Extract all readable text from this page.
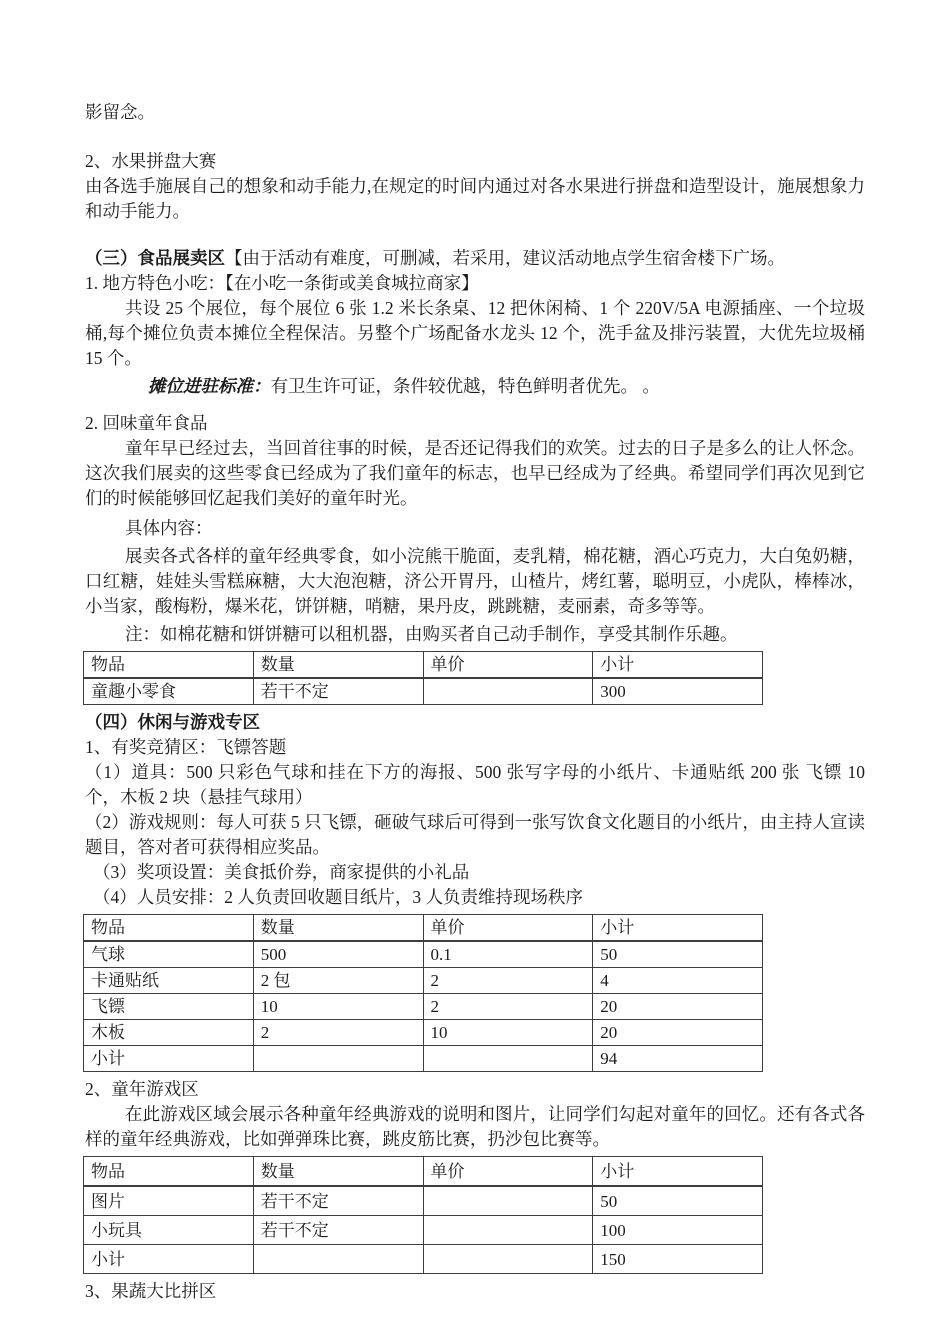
影留念。

2、水果拼盘大赛

由各选手施展自己的想象和动手能力,在规定的时间内通过对各水果进行拼盘和造型设计，施展想象力和动手能力。

（三）食品展卖区【由于活动有难度，可删减，若采用，建议活动地点学生宿舍楼下广场。

1. 地方特色小吃：【在小吃一条街或美食城拉商家】

共设 25 个展位，每个展位 6 张 1.2 米长条桌、12 把休闲椅、1 个 220V/5A 电源插座、一个垃圾桶,每个摊位负责本摊位全程保洁。另整个广场配备水龙头 12 个，洗手盆及排污装置，大优先垃圾桶 15 个。

摊位进驻标准：有卫生许可证，条件较优越，特色鲜明者优先。 。

2. 回味童年食品

童年早已经过去，当回首往事的时候，是否还记得我们的欢笑。过去的日子是多么的让人怀念。这次我们展卖的这些零食已经成为了我们童年的标志，也早已经成为了经典。希望同学们再次见到它们的时候能够回忆起我们美好的童年时光。

具体内容：

展卖各式各样的童年经典零食，如小浣熊干脆面，麦乳精，棉花糖，酒心巧克力，大白兔奶糖，口红糖，娃娃头雪糕麻糖，大大泡泡糖，济公开胃丹，山楂片，烤红薯，聪明豆，小虎队，棒棒冰，小当家，酸梅粉，爆米花，饼饼糖，哨糖，果丹皮，跳跳糖，麦丽素，奇多等等。

注：如棉花糖和饼饼糖可以租机器，由购买者自己动手制作，享受其制作乐趣。

物品	数量	单价	小计
童趣小零食	若干不定		300

（四）休闲与游戏专区

1、有奖竞猜区：飞镖答题

（1）道具：500 只彩色气球和挂在下方的海报、500 张写字母的小纸片、卡通贴纸 200 张 飞镖 10 个，木板 2 块（悬挂气球用）

（2）游戏规则：每人可获 5 只飞镖，砸破气球后可得到一张写饮食文化题目的小纸片，由主持人宣读题目，答对者可获得相应奖品。

（3）奖项设置：美食抵价券，商家提供的小礼品

（4）人员安排：2 人负责回收题目纸片，3 人负责维持现场秩序

物品	数量	单价	小计
气球	500	0.1	50
卡通贴纸	2 包	2	4
飞镖	10	2	20
木板	2	10	20
小计			94

2、童年游戏区

在此游戏区域会展示各种童年经典游戏的说明和图片，让同学们勾起对童年的回忆。还有各式各样的童年经典游戏，比如弹弹珠比赛，跳皮筋比赛，扔沙包比赛等。

物品	数量	单价	小计
图片	若干不定		50
小玩具	若干不定		100
小计			150

3、果蔬大比拼区
